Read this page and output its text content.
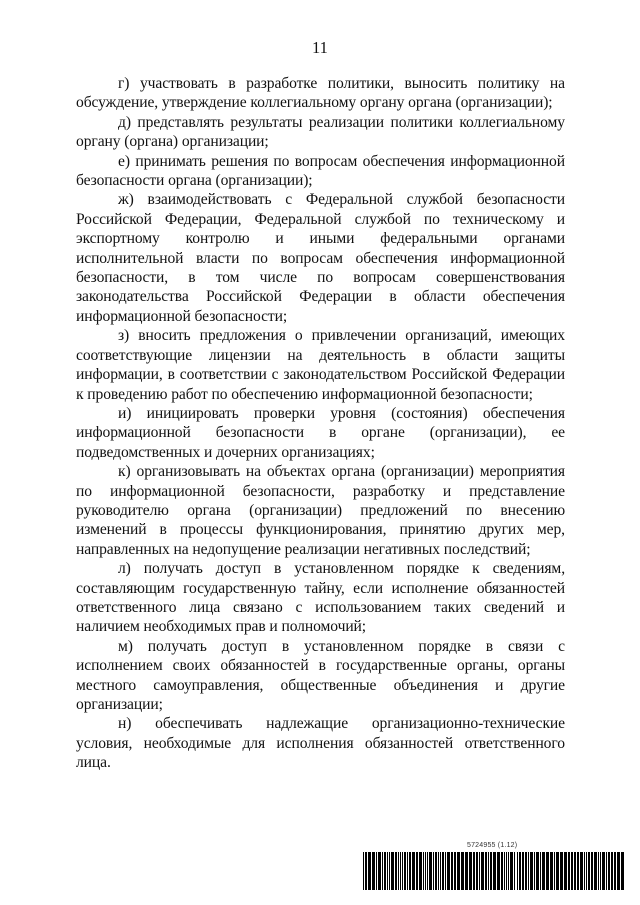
11

г) участвовать в разработке политики, выносить политику на обсуждение, утверждение коллегиальному органу органа (организации);

д) представлять результаты реализации политики коллегиальному органу (органа) организации;

е) принимать решения по вопросам обеспечения информационной безопасности органа (организации);

ж) взаимодействовать с Федеральной службой безопасности Российской Федерации, Федеральной службой по техническому и экспортному контролю и иными федеральными органами исполнительной власти по вопросам обеспечения информационной безопасности, в том числе по вопросам совершенствования законодательства Российской Федерации в области обеспечения информационной безопасности;

з) вносить предложения о привлечении организаций, имеющих соответствующие лицензии на деятельность в области защиты информации, в соответствии с законодательством Российской Федерации к проведению работ по обеспечению информационной безопасности;

и) инициировать проверки уровня (состояния) обеспечения информационной безопасности в органе (организации), ее подведомственных и дочерних организациях;

к) организовывать на объектах органа (организации) мероприятия по информационной безопасности, разработку и представление руководителю органа (организации) предложений по внесению изменений в процессы функционирования, принятию других мер, направленных на недопущение реализации негативных последствий;

л) получать доступ в установленном порядке к сведениям, составляющим государственную тайну, если исполнение обязанностей ответственного лица связано с использованием таких сведений и наличием необходимых прав и полномочий;

м) получать доступ в установленном порядке в связи с исполнением своих обязанностей в государственные органы, органы местного самоуправления, общественные объединения и другие организации;

н) обеспечивать надлежащие организационно-технические условия, необходимые для исполнения обязанностей ответственного лица.

5724955 (1.12)
